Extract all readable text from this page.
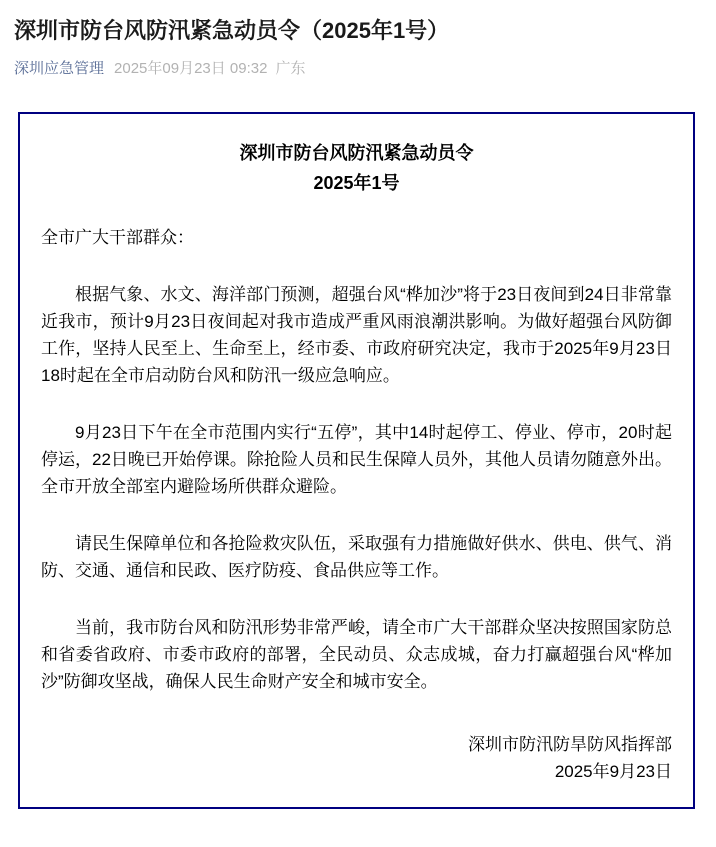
深圳市防台风防汛紧急动员令（2025年1号）
深圳应急管理 2025年09月23日 09:32 广东
深圳市防台风防汛紧急动员令
2025年1号
全市广大干部群众：

根据气象、水文、海洋部门预测，超强台风“桦加沙”将于23日夜间到24日非常靠近我市，预计9月23日夜间起对我市造成严重风雨浪潮洪影响。为做好超强台风防御工作，坚持人民至上、生命至上，经市委、市政府研究决定，我市于2025年9月23日18时起在全市启动防台风和防汛一级应急响应。

9月23日下午在全市范围内实行“五停”，其中14时起停工、停业、停市，20时起停运，22日晚已开始停课。除抢险人员和民生保障人员外，其他人员请勿随意外出。全市开放全部室内避险场所供群众避险。

请民生保障单位和各抢险救灾队伍，采取强有力措施做好供水、供电、供气、消防、交通、通信和民政、医疗防疫、食品供应等工作。

当前，我市防台风和防汛形势非常严峻，请全市广大干部群众坚决按照国家防总和省委省政府、市委市政府的部署，全民动员、众志成城，奋力打赢超强台风“桦加沙”防御攻坚战，确保人民生命财产安全和城市安全。

深圳市防汛防旱防风指挥部
2025年9月23日
